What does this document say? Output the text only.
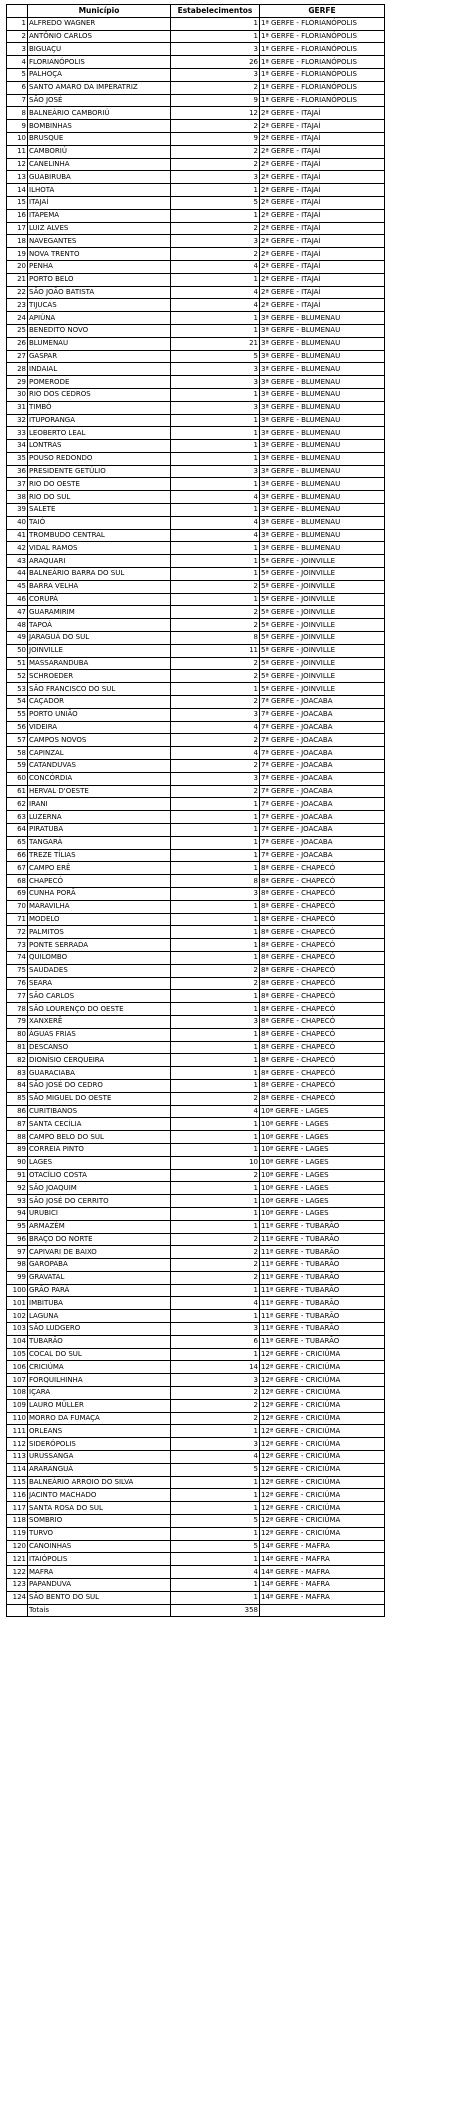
	Município	Estabelecimentos	GERFE
1	ALFREDO WAGNER	1	1ª GERFE - FLORIANÓPOLIS
2	ANTÔNIO CARLOS	1	1ª GERFE - FLORIANÓPOLIS
3	BIGUAÇU	3	1ª GERFE - FLORIANÓPOLIS
4	FLORIANÓPOLIS	26	1ª GERFE - FLORIANÓPOLIS
5	PALHOÇA	3	1ª GERFE - FLORIANÓPOLIS
6	SANTO AMARO DA IMPERATRIZ	2	1ª GERFE - FLORIANÓPOLIS
7	SÃO JOSÉ	9	1ª GERFE - FLORIANÓPOLIS
8	BALNEÁRIO CAMBORIÚ	12	2ª GERFE - ITAJAÍ
9	BOMBINHAS	2	2ª GERFE - ITAJAÍ
10	BRUSQUE	9	2ª GERFE - ITAJAÍ
11	CAMBORIÚ	2	2ª GERFE - ITAJAÍ
12	CANELINHA	2	2ª GERFE - ITAJAÍ
13	GUABIRUBA	3	2ª GERFE - ITAJAÍ
14	ILHOTA	1	2ª GERFE - ITAJAÍ
15	ITAJAÍ	5	2ª GERFE - ITAJAÍ
16	ITAPEMA	1	2ª GERFE - ITAJAÍ
17	LUIZ ALVES	2	2ª GERFE - ITAJAÍ
18	NAVEGANTES	3	2ª GERFE - ITAJAÍ
19	NOVA TRENTO	2	2ª GERFE - ITAJAÍ
20	PENHA	4	2ª GERFE - ITAJAÍ
21	PORTO BELO	1	2ª GERFE - ITAJAÍ
22	SÃO JOÃO BATISTA	4	2ª GERFE - ITAJAÍ
23	TIJUCAS	4	2ª GERFE - ITAJAÍ
24	APIÚNA	1	3ª GERFE - BLUMENAU
25	BENEDITO NOVO	1	3ª GERFE - BLUMENAU
26	BLUMENAU	21	3ª GERFE - BLUMENAU
27	GASPAR	5	3ª GERFE - BLUMENAU
28	INDAIAL	3	3ª GERFE - BLUMENAU
29	POMERODE	3	3ª GERFE - BLUMENAU
30	RIO DOS CEDROS	1	3ª GERFE - BLUMENAU
31	TIMBÓ	3	3ª GERFE - BLUMENAU
32	ITUPORANGA	1	3ª GERFE - BLUMENAU
33	LEOBERTO LEAL	1	3ª GERFE - BLUMENAU
34	LONTRAS	1	3ª GERFE - BLUMENAU
35	POUSO REDONDO	1	3ª GERFE - BLUMENAU
36	PRESIDENTE GETÚLIO	3	3ª GERFE - BLUMENAU
37	RIO DO OESTE	1	3ª GERFE - BLUMENAU
38	RIO DO SUL	4	3ª GERFE - BLUMENAU
39	SALETE	1	3ª GERFE - BLUMENAU
40	TAIÓ	4	3ª GERFE - BLUMENAU
41	TROMBUDO CENTRAL	4	3ª GERFE - BLUMENAU
42	VIDAL RAMOS	1	3ª GERFE - BLUMENAU
43	ARAQUARI	1	5ª GERFE - JOINVILLE
44	BALNEÁRIO BARRA DO SUL	1	5ª GERFE - JOINVILLE
45	BARRA VELHA	2	5ª GERFE - JOINVILLE
46	CORUPÁ	1	5ª GERFE - JOINVILLE
47	GUARAMIRIM	2	5ª GERFE - JOINVILLE
48	TAPOÁ	2	5ª GERFE - JOINVILLE
49	JARAGUÁ DO SUL	8	5ª GERFE - JOINVILLE
50	JOINVILLE	11	5ª GERFE - JOINVILLE
51	MASSARANDUBA	2	5ª GERFE - JOINVILLE
52	SCHROEDER	2	5ª GERFE - JOINVILLE
53	SÃO FRANCISCO DO SUL	1	5ª GERFE - JOINVILLE
54	CAÇADOR	2	7ª GERFE - JOACABA
55	PORTO UNIÃO	3	7ª GERFE - JOACABA
56	VIDEIRA	4	7ª GERFE - JOACABA
57	CAMPOS NOVOS	2	7ª GERFE - JOACABA
58	CAPINZAL	4	7ª GERFE - JOACABA
59	CATANDUVAS	2	7ª GERFE - JOACABA
60	CONCÓRDIA	3	7ª GERFE - JOACABA
61	HERVAL D'OESTE	2	7ª GERFE - JOACABA
62	IRANI	1	7ª GERFE - JOACABA
63	LUZERNA	1	7ª GERFE - JOACABA
64	PIRATUBA	1	7ª GERFE - JOACABA
65	TANGARÁ	1	7ª GERFE - JOACABA
66	TREZE TÍLIAS	1	7ª GERFE - JOACABA
67	CAMPO ERÊ	1	8ª GERFE - CHAPECÓ
68	CHAPECÓ	8	8ª GERFE - CHAPECÓ
69	CUNHA PORÃ	3	8ª GERFE - CHAPECÓ
70	MARAVILHA	1	8ª GERFE - CHAPECÓ
71	MODELO	1	8ª GERFE - CHAPECÓ
72	PALMITOS	1	8ª GERFE - CHAPECÓ
73	PONTE SERRADA	1	8ª GERFE - CHAPECÓ
74	QUILOMBO	1	8ª GERFE - CHAPECÓ
75	SAUDADES	2	8ª GERFE - CHAPECÓ
76	SEARA	2	8ª GERFE - CHAPECÓ
77	SÃO CARLOS	1	8ª GERFE - CHAPECÓ
78	SÃO LOURENÇO DO OESTE	1	8ª GERFE - CHAPECÓ
79	XANXERÊ	3	8ª GERFE - CHAPECÓ
80	ÁGUAS FRIAS	1	8ª GERFE - CHAPECÓ
81	DESCANSO	1	8ª GERFE - CHAPECÓ
82	DIONÍSIO CERQUEIRA	1	8ª GERFE - CHAPECÓ
83	GUARACIABA	1	8ª GERFE - CHAPECÓ
84	SÃO JOSÉ DO CEDRO	1	8ª GERFE - CHAPECÓ
85	SÃO MIGUEL DO OESTE	2	8ª GERFE - CHAPECÓ
86	CURITIBANOS	4	10ª GERFE - LAGES
87	SANTA CECÍLIA	1	10ª GERFE - LAGES
88	CAMPO BELO DO SUL	1	10ª GERFE - LAGES
89	CORREIA PINTO	1	10ª GERFE - LAGES
90	LAGES	10	10ª GERFE - LAGES
91	OTACÍLIO COSTA	2	10ª GERFE - LAGES
92	SÃO JOAQUIM	1	10ª GERFE - LAGES
93	SÃO JOSÉ DO CERRITO	1	10ª GERFE - LAGES
94	URUBICI	1	10ª GERFE - LAGES
95	ARMAZÉM	1	11ª GERFE - TUBARÃO
96	BRAÇO DO NORTE	2	11ª GERFE - TUBARÃO
97	CAPIVARI DE BAIXO	2	11ª GERFE - TUBARÃO
98	GAROPABA	2	11ª GERFE - TUBARÃO
99	GRAVATAL	2	11ª GERFE - TUBARÃO
100	GRÃO PARÁ	1	11ª GERFE - TUBARÃO
101	IMBITUBA	4	11ª GERFE - TUBARÃO
102	LAGUNA	1	11ª GERFE - TUBARÃO
103	SÃO LUDGERO	3	11ª GERFE - TUBARÃO
104	TUBARÃO	6	11ª GERFE - TUBARÃO
105	COCAL DO SUL	1	12ª GERFE - CRICIÚMA
106	CRICIÚMA	14	12ª GERFE - CRICIÚMA
107	FORQUILHINHA	3	12ª GERFE - CRICIÚMA
108	IÇARA	2	12ª GERFE - CRICIÚMA
109	LAURO MÜLLER	2	12ª GERFE - CRICIÚMA
110	MORRO DA FUMAÇA	2	12ª GERFE - CRICIÚMA
111	ORLEANS	1	12ª GERFE - CRICIÚMA
112	SIDERÓPOLIS	3	12ª GERFE - CRICIÚMA
113	URUSSANGA	4	12ª GERFE - CRICIÚMA
114	ARARANGUÁ	5	12ª GERFE - CRICIÚMA
115	BALNEÁRIO ARROIO DO SILVA	1	12ª GERFE - CRICIÚMA
116	JACINTO MACHADO	1	12ª GERFE - CRICIÚMA
117	SANTA ROSA DO SUL	1	12ª GERFE - CRICIÚMA
118	SOMBRIO	5	12ª GERFE - CRICIÚMA
119	TURVO	1	12ª GERFE - CRICIÚMA
120	CANOINHAS	5	14ª GERFE - MAFRA
121	ITAIÓPOLIS	1	14ª GERFE - MAFRA
122	MAFRA	4	14ª GERFE - MAFRA
123	PAPANDUVA	1	14ª GERFE - MAFRA
124	SÃO BENTO DO SUL	1	14ª GERFE - MAFRA
	Totais	358	
